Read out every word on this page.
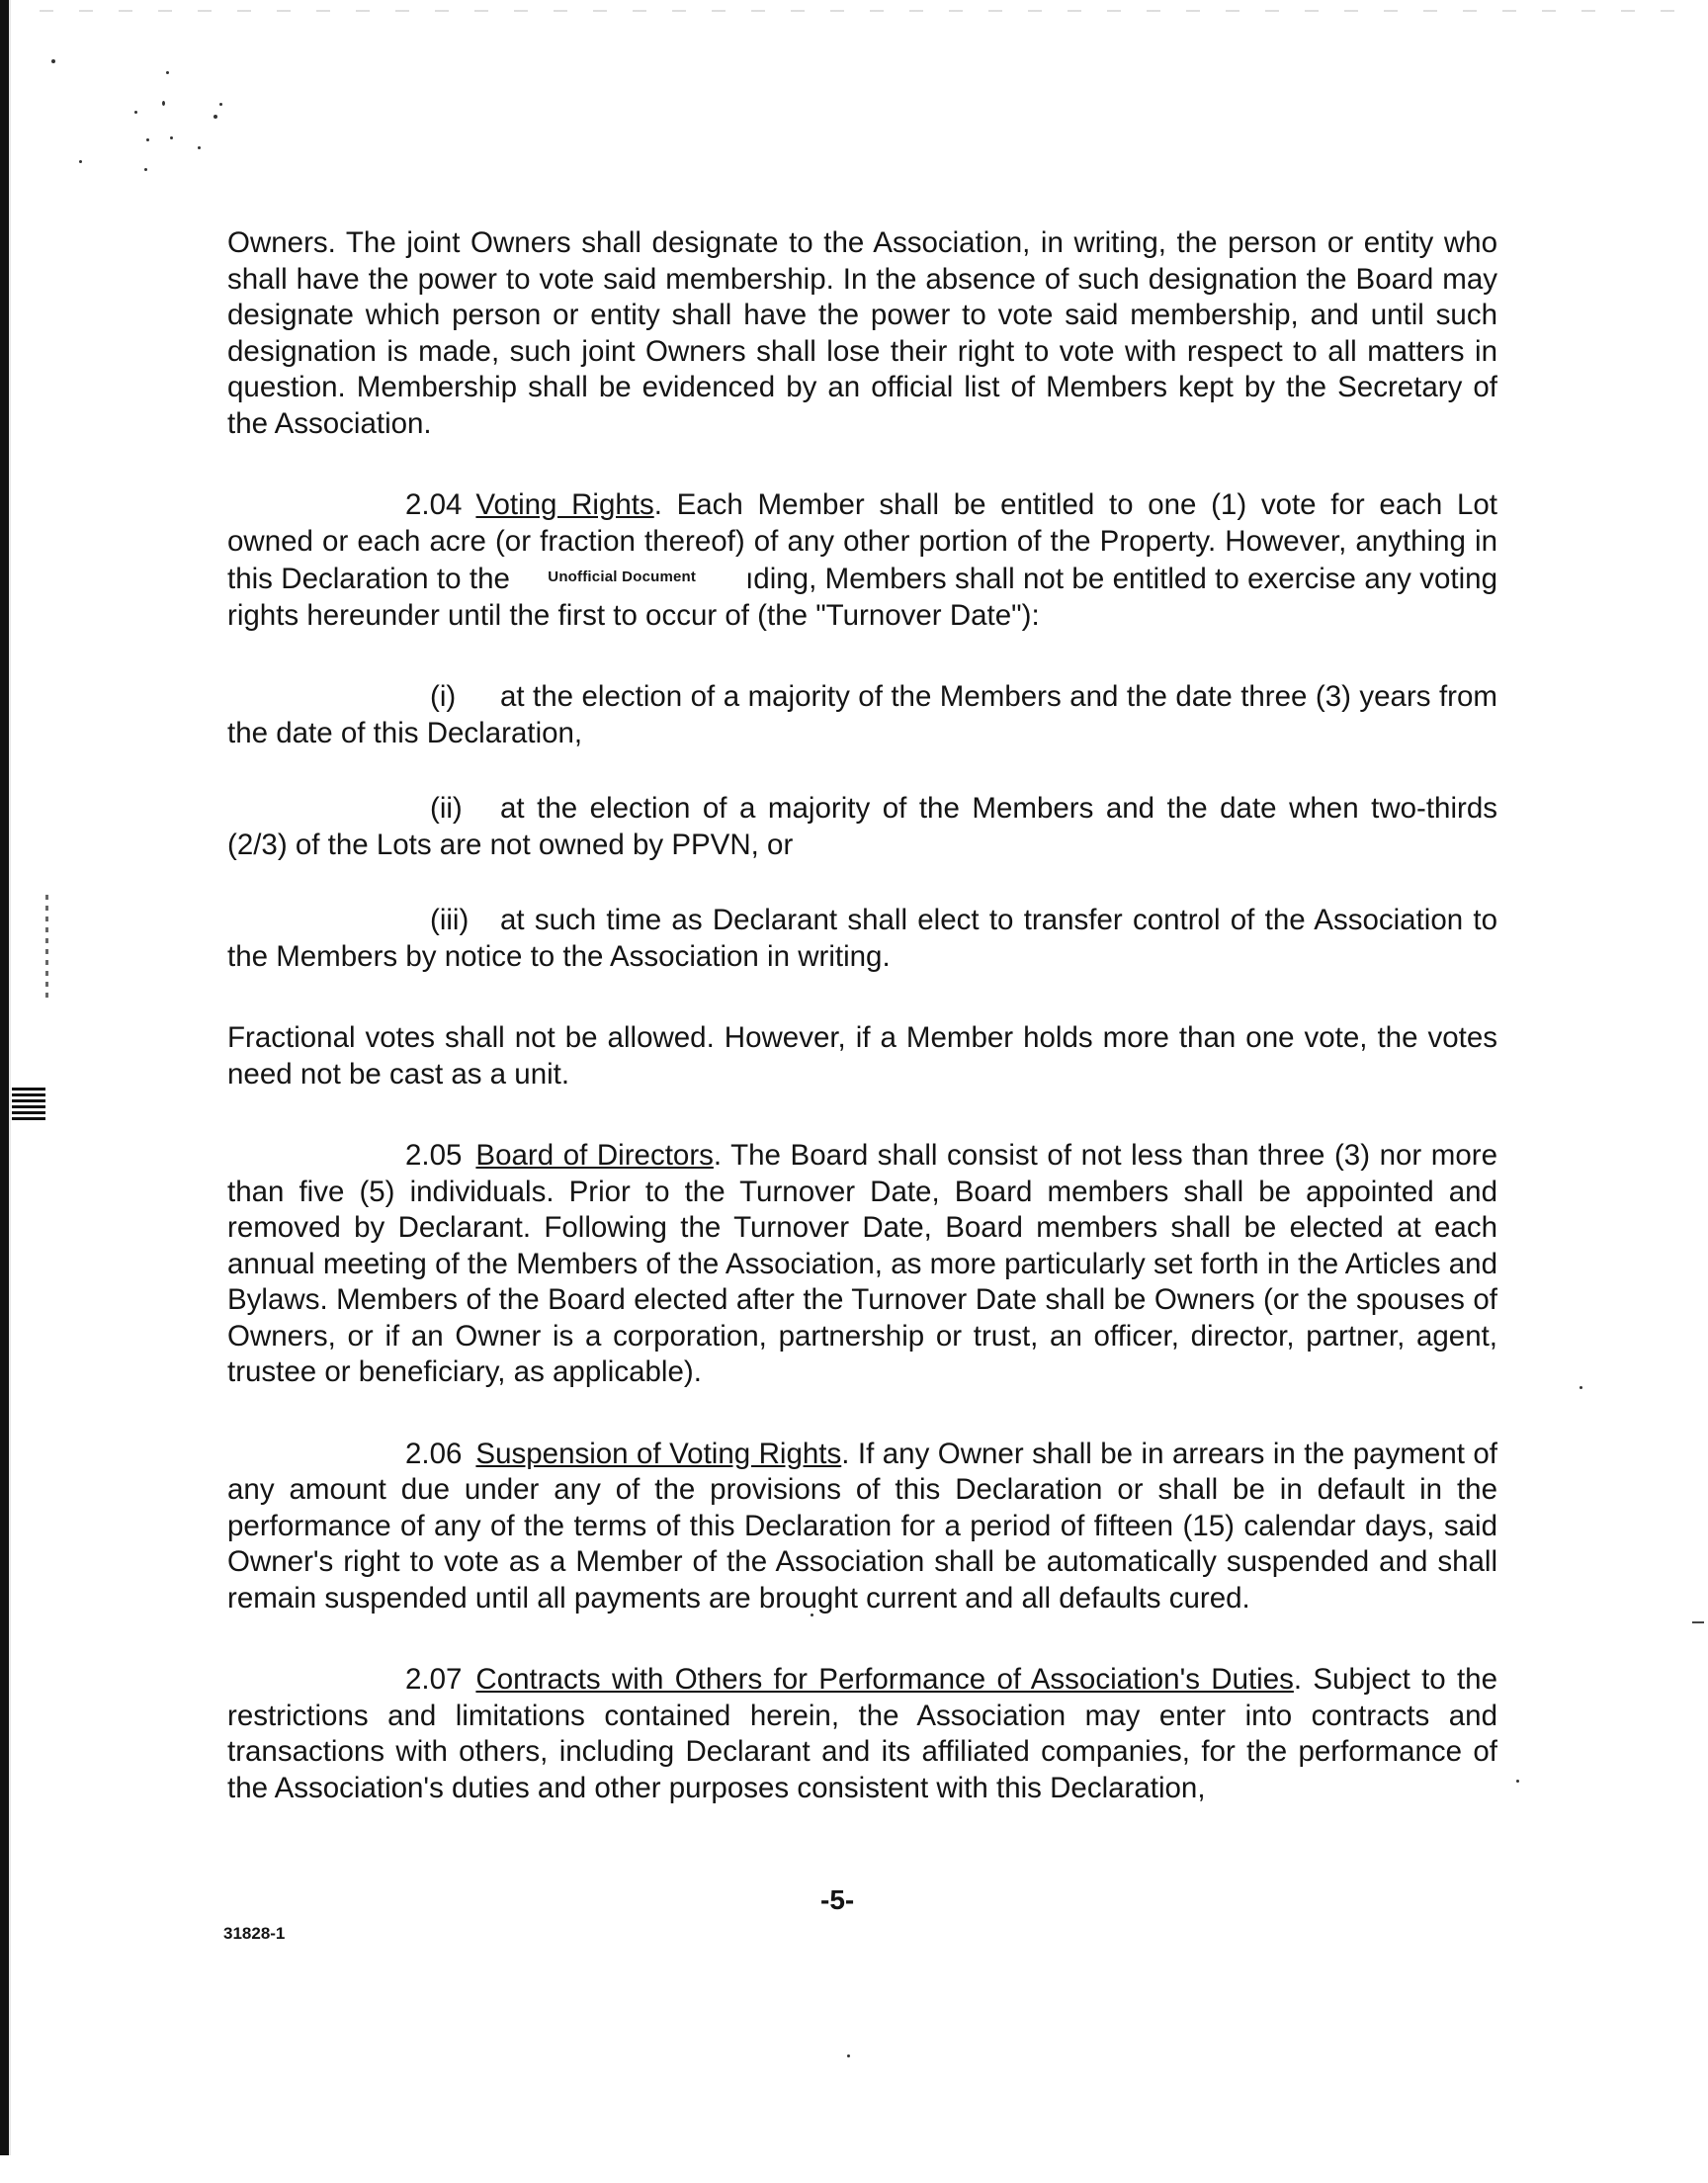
Owners. The joint Owners shall designate to the Association, in writing, the person or entity who shall have the power to vote said membership. In the absence of such designation the Board may designate which person or entity shall have the power to vote said membership, and until such designation is made, such joint Owners shall lose their right to vote with respect to all matters in question. Membership shall be evidenced by an official list of Members kept by the Secretary of the Association.

2.04 Voting Rights. Each Member shall be entitled to one (1) vote for each Lot owned or each acre (or fraction thereof) of any other portion of the Property. However, anything in this Declaration to the	$^{Unofficial Document}$ ıding, Members shall not be entitled to exercise any voting rights hereunder until the first to occur of (the "Turnover Date"):

(i) at the election of a majority of the Members and the date three (3) years from the date of this Declaration,

(ii) at the election of a majority of the Members and the date when two-thirds (2/3) of the Lots are not owned by PPVN, or

(iii) at such time as Declarant shall elect to transfer control of the Association to the Members by notice to the Association in writing.

Fractional votes shall not be allowed. However, if a Member holds more than one vote, the votes need not be cast as a unit.

2.05 Board of Directors. The Board shall consist of not less than three (3) nor more than five (5) individuals. Prior to the Turnover Date, Board members shall be appointed and removed by Declarant. Following the Turnover Date, Board members shall be elected at each annual meeting of the Members of the Association, as more particularly set forth in the Articles and Bylaws. Members of the Board elected after the Turnover Date shall be Owners (or the spouses of Owners, or if an Owner is a corporation, partnership or trust, an officer, director, partner, agent, trustee or beneficiary, as applicable).

2.06 Suspension of Voting Rights. If any Owner shall be in arrears in the payment of any amount due under any of the provisions of this Declaration or shall be in default in the performance of any of the terms of this Declaration for a period of fifteen (15) calendar days, said Owner's right to vote as a Member of the Association shall be automatically suspended and shall remain suspended until all payments are brought current and all defaults cured.

2.07 Contracts with Others for Performance of Association's Duties. Subject to the restrictions and limitations contained herein, the Association may enter into contracts and transactions with others, including Declarant and its affiliated companies, for the performance of the Association's duties and other purposes consistent with this Declaration,

-5-
31828-1
